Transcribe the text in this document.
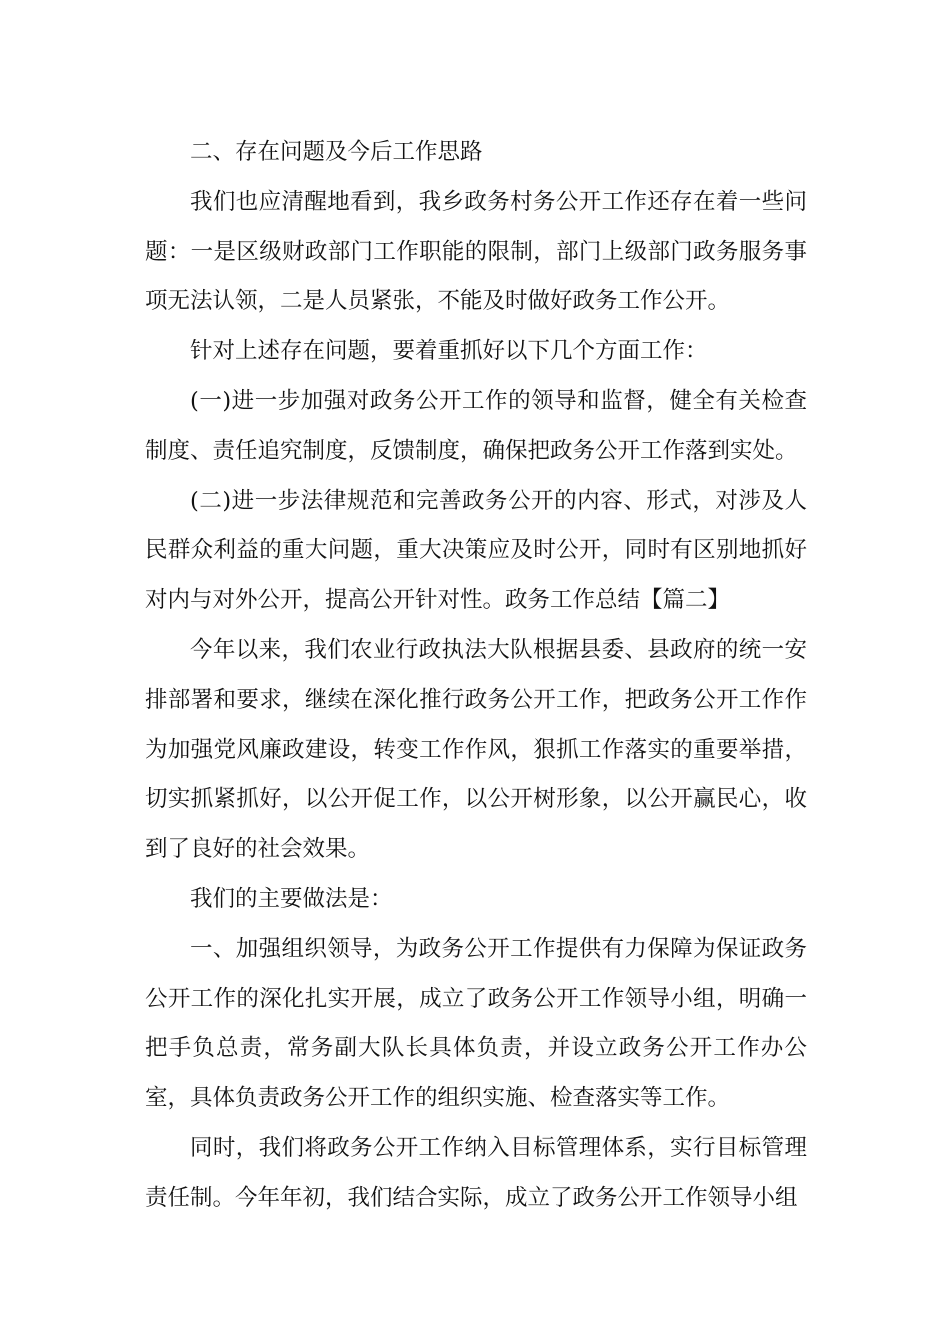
二、存在问题及今后工作思路

我们也应清醒地看到，我乡政务村务公开工作还存在着一些问题：一是区级财政部门工作职能的限制，部门上级部门政务服务事项无法认领，二是人员紧张，不能及时做好政务工作公开。

针对上述存在问题，要着重抓好以下几个方面工作：

(一)进一步加强对政务公开工作的领导和监督，健全有关检查制度、责任追究制度，反馈制度，确保把政务公开工作落到实处。

(二)进一步法律规范和完善政务公开的内容、形式，对涉及人民群众利益的重大问题，重大决策应及时公开，同时有区别地抓好对内与对外公开，提高公开针对性。政务工作总结【篇二】

今年以来，我们农业行政执法大队根据县委、县政府的统一安排部署和要求，继续在深化推行政务公开工作，把政务公开工作作为加强党风廉政建设，转变工作作风，狠抓工作落实的重要举措，切实抓紧抓好，以公开促工作，以公开树形象，以公开赢民心，收到了良好的社会效果。

我们的主要做法是：

一、加强组织领导，为政务公开工作提供有力保障为保证政务公开工作的深化扎实开展，成立了政务公开工作领导小组，明确一把手负总责，常务副大队长具体负责，并设立政务公开工作办公室，具体负责政务公开工作的组织实施、检查落实等工作。

同时，我们将政务公开工作纳入目标管理体系，实行目标管理责任制。今年年初，我们结合实际，成立了政务公开工作领导小组
